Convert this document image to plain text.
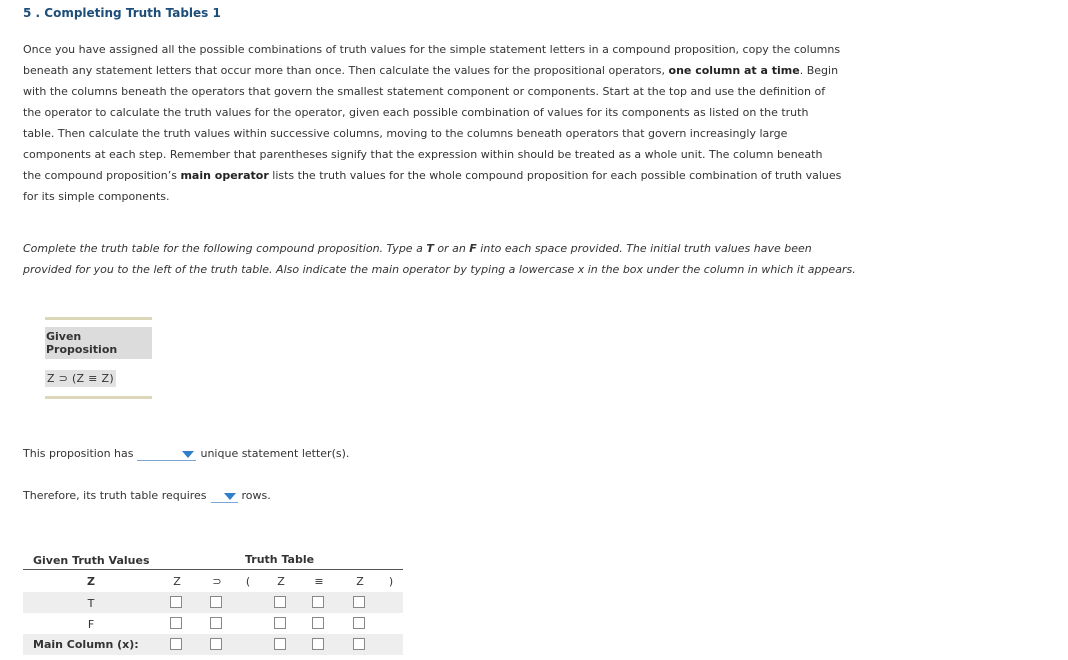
5 . Completing Truth Tables 1
Once you have assigned all the possible combinations of truth values for the simple statement letters in a compound proposition, copy the columns beneath any statement letters that occur more than once. Then calculate the values for the propositional operators, one column at a time. Begin with the columns beneath the operators that govern the smallest statement component or components. Start at the top and use the definition of the operator to calculate the truth values for the operator, given each possible combination of values for its components as listed on the truth table. Then calculate the truth values within successive columns, moving to the columns beneath operators that govern increasingly large components at each step. Remember that parentheses signify that the expression within should be treated as a whole unit. The column beneath the compound proposition’s main operator lists the truth values for the whole compound proposition for each possible combination of truth values for its simple components.
Complete the truth table for the following compound proposition. Type a T or an F into each space provided. The initial truth values have been provided for you to the left of the truth table. Also indicate the main operator by typing a lowercase x in the box under the column in which it appears.
Given Proposition
Z ⊃ (Z ≡ Z)
This proposition has	unique statement letter(s).
Therefore, its truth table requires	rows.
Given Truth Values	Truth Table
Z	Z	⊃	(	Z	≡	Z	)
T
F
Main Column (x):
